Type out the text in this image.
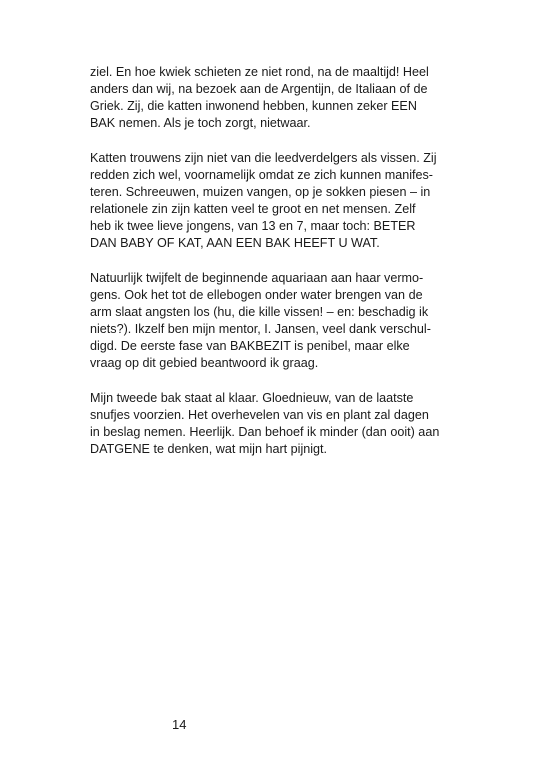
ziel. En hoe kwiek schieten ze niet rond, na de maaltijd! Heel
anders dan wij, na bezoek aan de Argentijn, de Italiaan of de
Griek. Zij, die katten inwonend hebben, kunnen zeker EEN
BAK nemen. Als je toch zorgt, nietwaar.

Katten trouwens zijn niet van die leedverdelgers als vissen. Zij
redden zich wel, voornamelijk omdat ze zich kunnen manifes-
teren. Schreeuwen, muizen vangen, op je sokken piesen – in
relationele zin zijn katten veel te groot en net mensen. Zelf
heb ik twee lieve jongens, van 13 en 7, maar toch: BETER
DAN BABY OF KAT, AAN EEN BAK HEEFT U WAT.

Natuurlijk twijfelt de beginnende aquariaan aan haar vermo-
gens. Ook het tot de ellebogen onder water brengen van de
arm slaat angsten los (hu, die kille vissen! – en: beschadig ik
niets?). Ikzelf ben mijn mentor, I. Jansen, veel dank verschul-
digd. De eerste fase van BAKBEZIT is penibel, maar elke
vraag op dit gebied beantwoord ik graag.

Mijn tweede bak staat al klaar. Gloednieuw, van de laatste
snufjes voorzien. Het overhevelen van vis en plant zal dagen
in beslag nemen. Heerlijk. Dan behoef ik minder (dan ooit) aan
DATGENE te denken, wat mijn hart pijnigt.

14
